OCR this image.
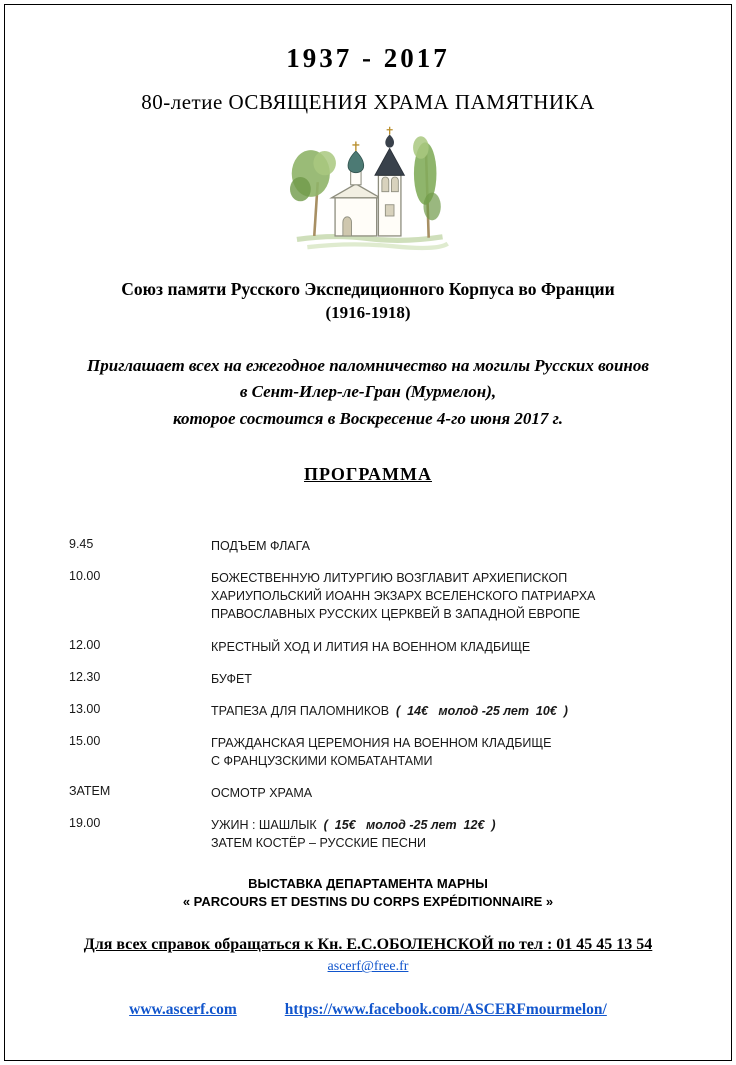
1937 - 2017
80-летие ОСВЯЩЕНИЯ ХРАМА ПАМЯТНИКА
Союз памяти Русского Экспедиционного Корпуса во Франции
(1916-1918)
Приглашает всех на ежегодное паломничество на могилы Русских воинов
в Сент-Илер-ле-Гран (Мурмелон),
которое состоится в Воскресение 4-го июня 2017 г.
ПРОГРАММА
9.45	ПОДЪЕМ ФЛАГА
10.00	БОЖЕСТВЕННУЮ ЛИТУРГИЮ ВОЗГЛАВИТ АРХИЕПИСКОП
ХАРИУПОЛЬСКИЙ ИОАНН ЭКЗАРХ ВСЕЛЕНСКОГО ПАТРИАРХА
ПРАВОСЛАВНЫХ РУССКИХ ЦЕРКВЕЙ В ЗАПАДНОЙ ЕВРОПЕ
12.00	КРЕСТНЫЙ ХОД И ЛИТИЯ НА ВОЕННОМ КЛАДБИЩЕ
12.30	БУФЕТ
13.00	ТРАПЕЗА ДЛЯ ПАЛОМНИКОВ (  14€   молод -25 лет  10€  )
15.00	ГРАЖДАНСКАЯ ЦЕРЕМОНИЯ НА ВОЕННОМ КЛАДБИЩЕ
С ФРАНЦУЗСКИМИ КОМБАТАНТАМИ
ЗАТЕМ	ОСМОТР ХРАМА
19.00	УЖИН : ШАШЛЫК (  15€   молод -25 лет  12€  )
ЗАТЕМ КОСТЁР – РУССКИЕ ПЕСНИ
ВЫСТАВКА ДЕПАРТАМЕНТА МАРНЫ
« PARCOURS ET DESTINS DU CORPS EXPÉDITIONNAIRE »
Для всех справок обращаться к Кн. Е.С.ОБОЛЕНСКОЙ по тел : 01 45 45 13 54
ascerf@free.fr
www.ascerf.com	https://www.facebook.com/ASCERFmourmelon/
